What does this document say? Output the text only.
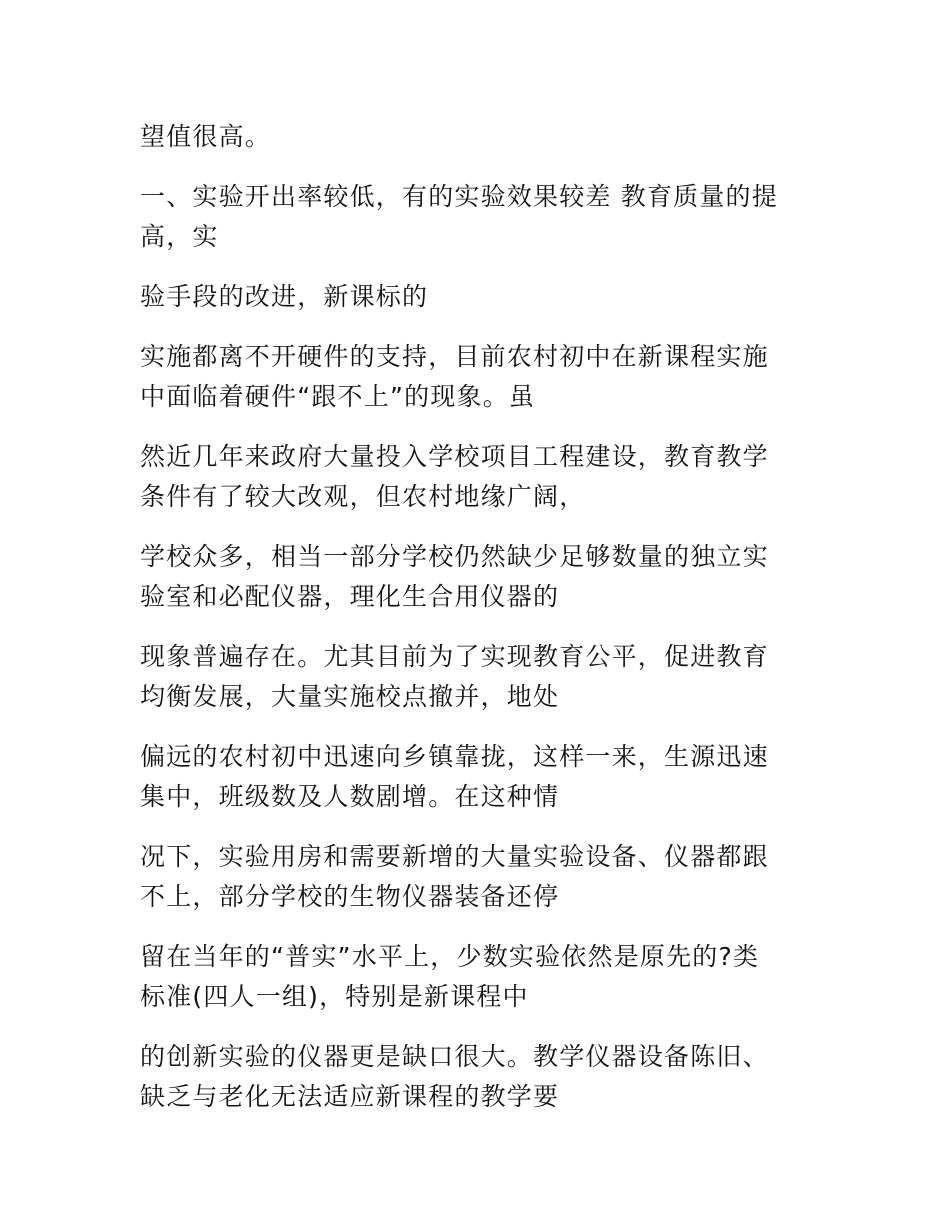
望值很高。

一、实验开出率较低，有的实验效果较差 教育质量的提
高，实

验手段的改进，新课标的

实施都离不开硬件的支持，目前农村初中在新课程实施
中面临着硬件“跟不上”的现象。虽

然近几年来政府大量投入学校项目工程建设，教育教学
条件有了较大改观，但农村地缘广阔，

学校众多，相当一部分学校仍然缺少足够数量的独立实
验室和必配仪器，理化生合用仪器的

现象普遍存在。尤其目前为了实现教育公平，促进教育
均衡发展，大量实施校点撤并，地处

偏远的农村初中迅速向乡镇靠拢，这样一来，生源迅速
集中，班级数及人数剧增。在这种情

况下，实验用房和需要新增的大量实验设备、仪器都跟
不上，部分学校的生物仪器装备还停

留在当年的“普实”水平上，少数实验依然是原先的?类
标准(四人一组)，特别是新课程中

的创新实验的仪器更是缺口很大。教学仪器设备陈旧、
缺乏与老化无法适应新课程的教学要
